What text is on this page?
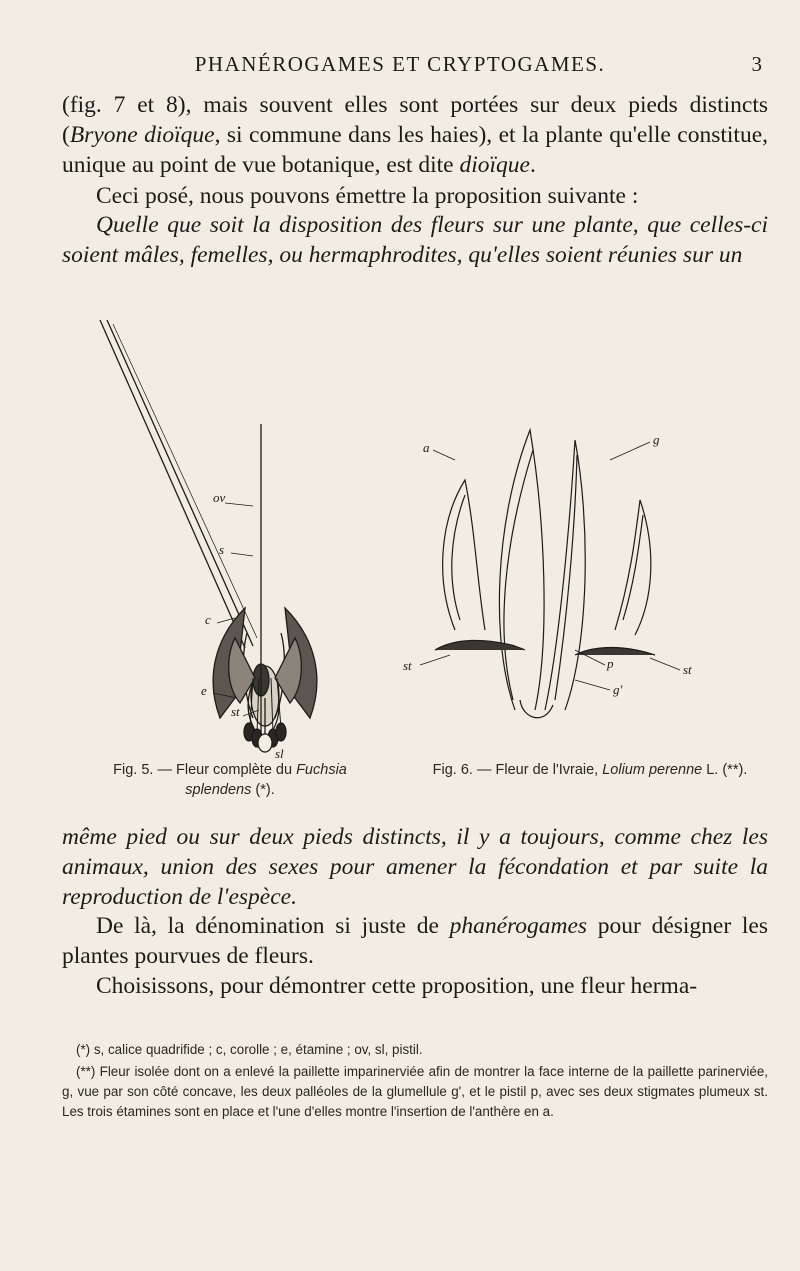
PHANÉROGAMES ET CRYPTOGAMES.	3
(fig. 7 et 8), mais souvent elles sont portées sur deux pieds distincts (Bryone dioïque, si commune dans les haies), et la plante qu'elle constitue, unique au point de vue botanique, est dite dioïque.
Ceci posé, nous pouvons émettre la proposition suivante :
Quelle que soit la disposition des fleurs sur une plante, que celles-ci soient mâles, femelles, ou hermaphrodites, qu'elles soient réunies sur un
ov
s
c
e
st
sl
a
g
st	p
g'
st
Fig. 5. — Fleur complète du Fuchsia splendens (*).
Fig. 6. — Fleur de l'Ivraie, Lolium perenne L. (**).
même pied ou sur deux pieds distincts, il y a toujours, comme chez les animaux, union des sexes pour amener la fécondation et par suite la reproduction de l'espèce.
De là, la dénomination si juste de phanérogames pour désigner les plantes pourvues de fleurs.
Choisissons, pour démontrer cette proposition, une fleur herma-

(*) s, calice quadrifide ; c, corolle ; e, étamine ; ov, sl, pistil.

(**) Fleur isolée dont on a enlevé la paillette imparinerviée afin de montrer la face interne de la paillette parinerviée, g, vue par son côté concave, les deux palléoles de la glumellule g', et le pistil p, avec ses deux stigmates plumeux st. Les trois étamines sont en place et l'une d'elles montre l'insertion de l'anthère en a.
